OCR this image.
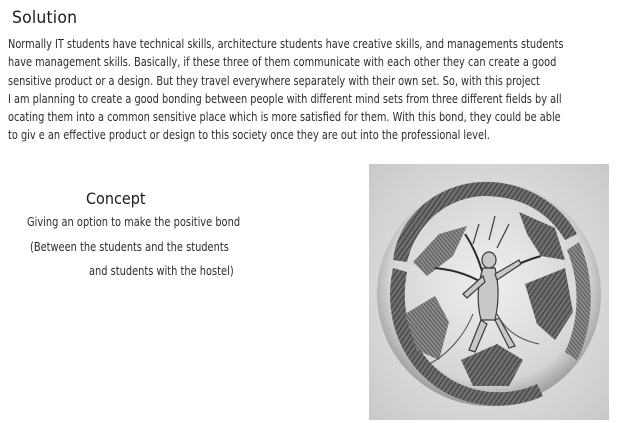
Solution
Normally IT students have technical skills, architecture students have creative skills, and managements students
have management skills. Basically, if these three of them communicate with each other they can create a good
sensitive product or a design. But they travel everywhere separately with their own set. So, with this project
I am planning to create a good bonding between people with different mind sets from three different fields by all
ocating them into a common sensitive place which is more satisfied for them. With this bond, they could be able
to giv e an effective product or design to this society once they are out into the professional level.
Concept
Giving an option to make the positive bond
(Between the students and the students
and students with the hostel)
